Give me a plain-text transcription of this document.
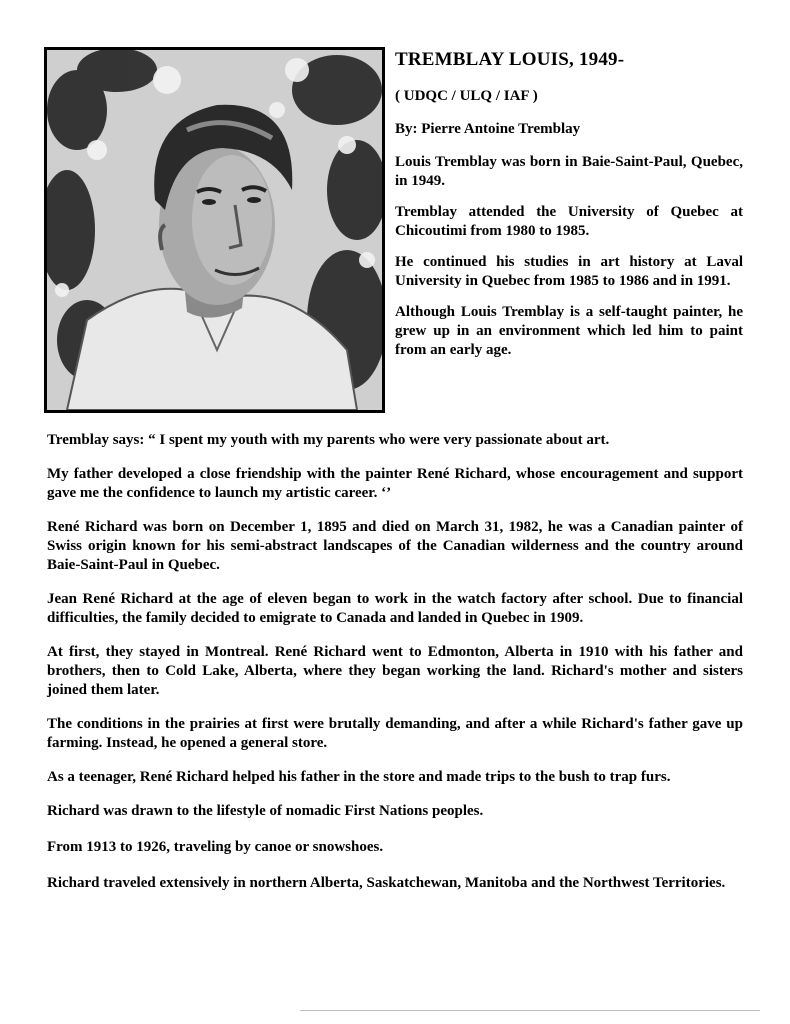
TREMBLAY LOUIS, 1949-

( UDQC / ULQ / IAF )

By: Pierre Antoine Tremblay

Louis Tremblay was born in Baie-Saint-Paul, Quebec, in 1949.

Tremblay attended the University of Quebec at Chicoutimi from 1980 to 1985.

He continued his studies in art history at Laval University in Quebec from 1985 to 1986 and in 1991.

Although Louis Tremblay is a self-taught painter, he grew up in an environment which led him to paint from an early age.

Tremblay says: “ I spent my youth with my parents who were very passionate about art.

My father developed a close friendship with the painter René Richard, whose encouragement and support gave me the confidence to launch my artistic career. ‘’

René Richard was born on December 1, 1895 and died on March 31, 1982, he was a Canadian painter of Swiss origin known for his semi-abstract landscapes of the Canadian wilderness and the country around Baie-Saint-Paul in Quebec.

Jean René Richard at the age of eleven began to work in the watch factory after school. Due to financial difficulties, the family decided to emigrate to Canada and landed in Quebec in 1909.

At first, they stayed in Montreal. René Richard went to Edmonton, Alberta in 1910 with his father and brothers, then to Cold Lake, Alberta, where they began working the land. Richard's mother and sisters joined them later.

The conditions in the prairies at first were brutally demanding, and after a while Richard's father gave up farming. Instead, he opened a general store.

As a teenager, René Richard helped his father in the store and made trips to the bush to trap furs.

Richard was drawn to the lifestyle of nomadic First Nations peoples.

From 1913 to 1926, traveling by canoe or snowshoes.

Richard traveled extensively in northern Alberta, Saskatchewan, Manitoba and the Northwest Territories.
